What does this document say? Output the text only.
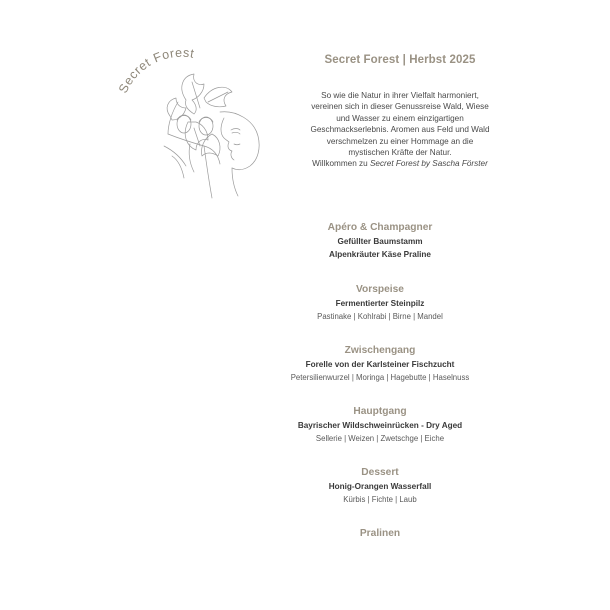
Secret Forest	Secret Forest | Herbst 2025
So wie die Natur in ihrer Vielfalt harmoniert,
vereinen sich in dieser Genussreise Wald, Wiese
und Wasser zu einem einzigartigen
Geschmackserlebnis. Aromen aus Feld und Wald
verschmelzen zu einer Hommage an die
mystischen Kräfte der Natur.
Willkommen zu Secret Forest by Sascha Förster
Apéro & Champagner
Gefüllter Baumstamm
Alpenkräuter Käse Praline
Vorspeise
Fermentierter Steinpilz
Pastinake | Kohlrabi | Birne | Mandel
Zwischengang
Forelle von der Karlsteiner Fischzucht
Petersilienwurzel | Moringa | Hagebutte | Haselnuss
Hauptgang
Bayrischer Wildschweinrücken - Dry Aged
Sellerie | Weizen | Zwetschge | Eiche
Dessert
Honig-Orangen Wasserfall
Kürbis | Fichte | Laub
Pralinen
